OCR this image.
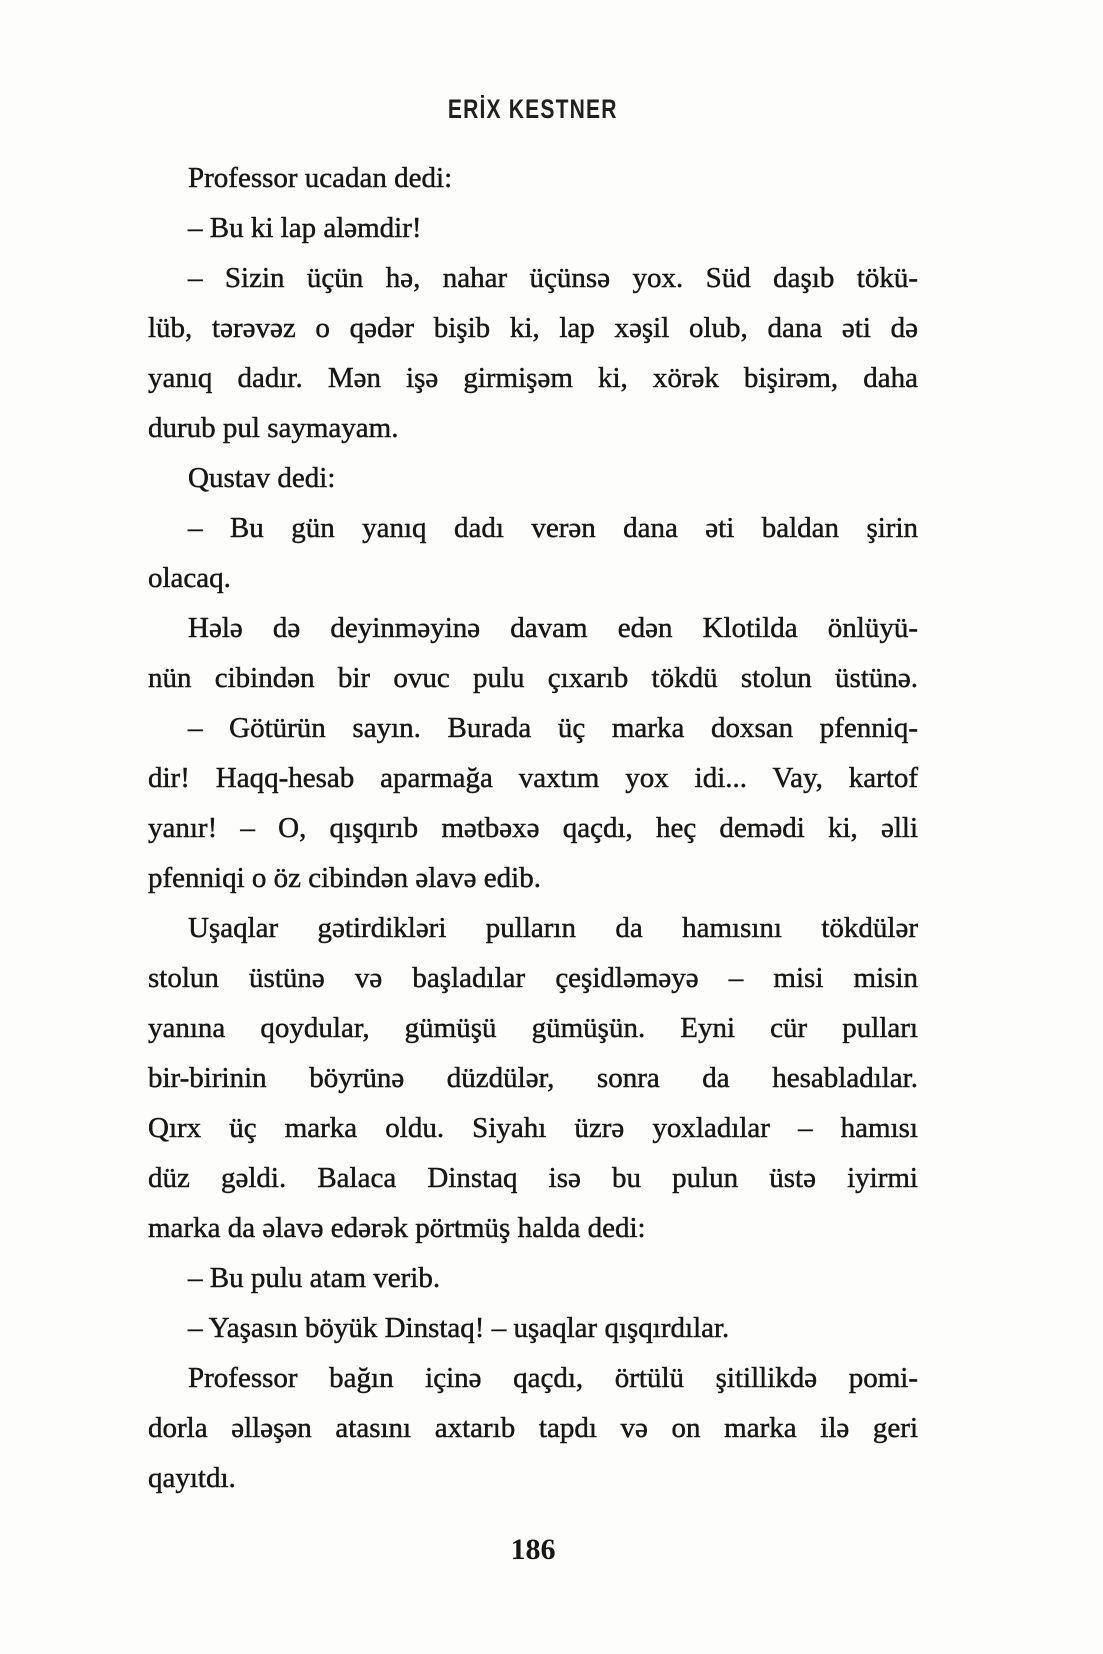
ERİX KESTNER
Professor ucadan dedi:
– Bu ki lap aləmdir!
– Sizin üçün hə, nahar üçünsə yox. Süd daşıb tökü-
lüb, tərəvəz o qədər bişib ki, lap xəşil olub, dana əti də
yanıq dadır. Mən işə girmişəm ki, xörək bişirəm, daha
durub pul saymayam.
Qustav dedi:
– Bu gün yanıq dadı verən dana əti baldan şirin
olacaq.
Hələ də deyinməyinə davam edən Klotilda önlüyü-
nün cibindən bir ovuc pulu çıxarıb tökdü stolun üstünə.
– Götürün sayın. Burada üç marka doxsan pfenniq-
dir! Haqq-hesab aparmağa vaxtım yox idi... Vay, kartof
yanır! – O, qışqırıb mətbəxə qaçdı, heç demədi ki, əlli
pfenniqi o öz cibindən əlavə edib.
Uşaqlar gətirdikləri pulların da hamısını tökdülər
stolun üstünə və başladılar çeşidləməyə – misi misin
yanına qoydular, gümüşü gümüşün. Eyni cür pulları
bir-birinin böyrünə düzdülər, sonra da hesabladılar.
Qırx üç marka oldu. Siyahı üzrə yoxladılar – hamısı
düz gəldi. Balaca Dinstaq isə bu pulun üstə iyirmi
marka da əlavə edərək pörtmüş halda dedi:
– Bu pulu atam verib.
– Yaşasın böyük Dinstaq! – uşaqlar qışqırdılar.
Professor bağın içinə qaçdı, örtülü şitillikdə pomi-
dorla əlləşən atasını axtarıb tapdı və on marka ilə geri
qayıtdı.
186
